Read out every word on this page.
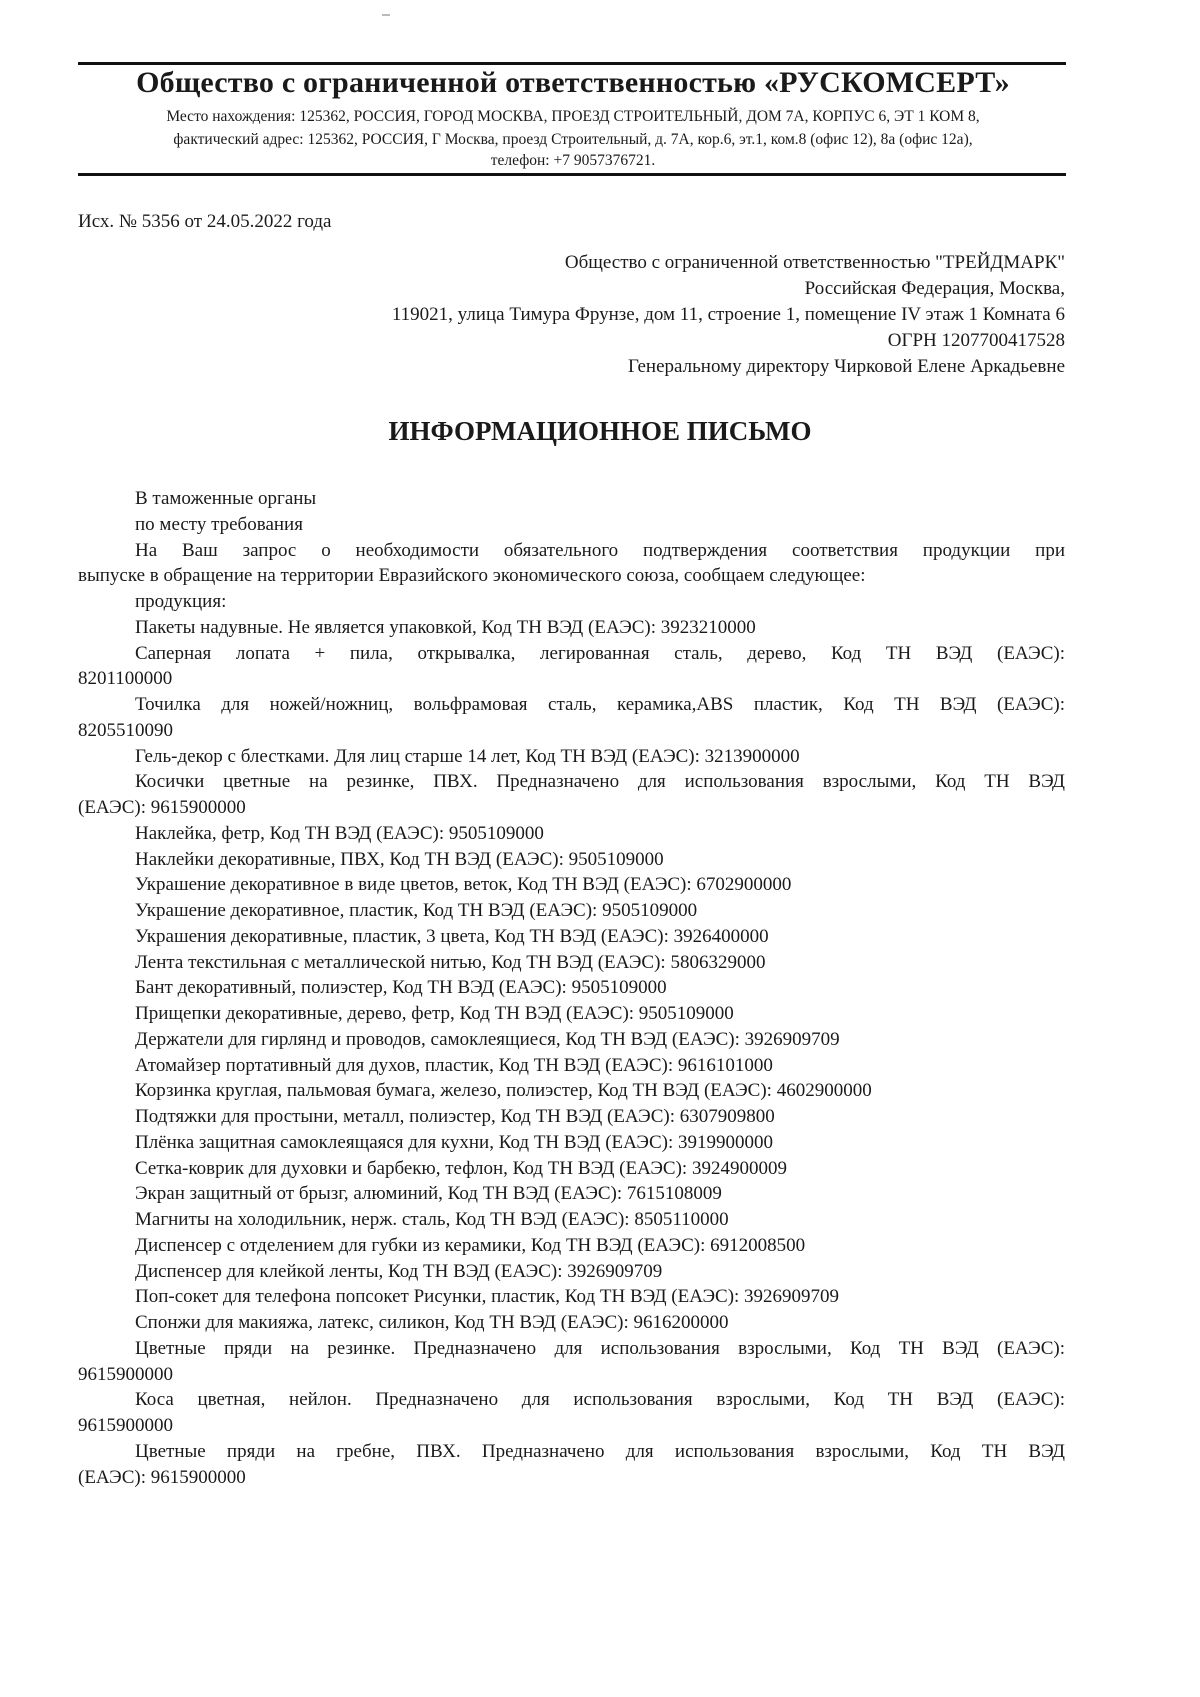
Общество с ограниченной ответственностью «РУСКОМСЕРТ»
Место нахождения: 125362, РОССИЯ, ГОРОД МОСКВА, ПРОЕЗД СТРОИТЕЛЬНЫЙ, ДОМ 7А, КОРПУС 6, ЭТ 1 КОМ 8,
фактический адрес: 125362, РОССИЯ, Г Москва, проезд Строительный, д. 7А, кор.6, эт.1, ком.8 (офис 12), 8а (офис 12а),
телефон: +7 9057376721.
Исх. № 5356 от 24.05.2022 года
Общество с ограниченной ответственностью "ТРЕЙДМАРК"
Российская Федерация, Москва,
119021, улица Тимура Фрунзе, дом 11, строение 1, помещение IV этаж 1 Комната 6
ОГРН 1207700417528
Генеральному директору Чирковой Елене Аркадьевне
ИНФОРМАЦИОННОЕ ПИСЬМО
В таможенные органы
по месту требования
На Ваш запрос о необходимости обязательного подтверждения соответствия продукции при
выпуске в обращение на территории Евразийского экономического союза, сообщаем следующее:
продукция:
Пакеты надувные. Не является упаковкой, Код ТН ВЭД (ЕАЭС): 3923210000
Саперная лопата + пила, открывалка, легированная сталь, дерево, Код ТН ВЭД (ЕАЭС):
8201100000
Точилка для ножей/ножниц, вольфрамовая сталь, керамика,ABS пластик, Код ТН ВЭД (ЕАЭС):
8205510090
Гель-декор с блестками. Для лиц старше 14 лет, Код ТН ВЭД (ЕАЭС): 3213900000
Косички цветные на резинке, ПВХ. Предназначено для использования взрослыми, Код ТН ВЭД
(ЕАЭС): 9615900000
Наклейка, фетр, Код ТН ВЭД (ЕАЭС): 9505109000
Наклейки декоративные, ПВХ, Код ТН ВЭД (ЕАЭС): 9505109000
Украшение декоративное в виде цветов, веток, Код ТН ВЭД (ЕАЭС): 6702900000
Украшение декоративное, пластик, Код ТН ВЭД (ЕАЭС): 9505109000
Украшения декоративные, пластик, 3 цвета, Код ТН ВЭД (ЕАЭС): 3926400000
Лента текстильная с металлической нитью, Код ТН ВЭД (ЕАЭС): 5806329000
Бант декоративный, полиэстер, Код ТН ВЭД (ЕАЭС): 9505109000
Прищепки декоративные, дерево, фетр, Код ТН ВЭД (ЕАЭС): 9505109000
Держатели для гирлянд и проводов, самоклеящиеся, Код ТН ВЭД (ЕАЭС): 3926909709
Атомайзер портативный для духов, пластик, Код ТН ВЭД (ЕАЭС): 9616101000
Корзинка круглая, пальмовая бумага, железо, полиэстер, Код ТН ВЭД (ЕАЭС): 4602900000
Подтяжки для простыни, металл, полиэстер, Код ТН ВЭД (ЕАЭС): 6307909800
Плёнка защитная самоклеящаяся для кухни, Код ТН ВЭД (ЕАЭС): 3919900000
Сетка-коврик для духовки и барбекю, тефлон, Код ТН ВЭД (ЕАЭС): 3924900009
Экран защитный от брызг, алюминий, Код ТН ВЭД (ЕАЭС): 7615108009
Магниты на холодильник, нерж. сталь, Код ТН ВЭД (ЕАЭС): 8505110000
Диспенсер с отделением для губки из керамики, Код ТН ВЭД (ЕАЭС): 6912008500
Диспенсер для клейкой ленты, Код ТН ВЭД (ЕАЭС): 3926909709
Поп-сокет для телефона попсокет Рисунки, пластик, Код ТН ВЭД (ЕАЭС): 3926909709
Спонжи для макияжа, латекс, силикон, Код ТН ВЭД (ЕАЭС): 9616200000
Цветные пряди на резинке. Предназначено для использования взрослыми, Код ТН ВЭД (ЕАЭС):
9615900000
Коса цветная, нейлон. Предназначено для использования взрослыми, Код ТН ВЭД (ЕАЭС):
9615900000
Цветные пряди на гребне, ПВХ. Предназначено для использования взрослыми, Код ТН ВЭД
(ЕАЭС): 9615900000
